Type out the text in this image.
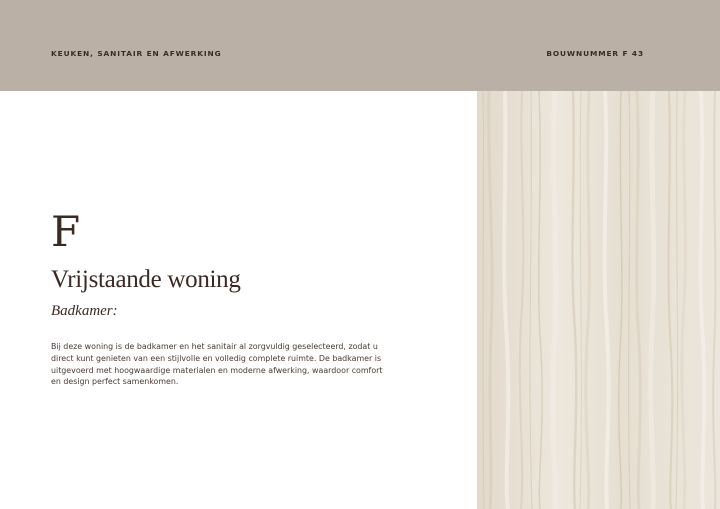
KEUKEN, SANITAIR EN AFWERKING	BOUWNUMMER F 43
F
Vrijstaande woning
Badkamer:

Bij deze woning is de badkamer en het sanitair al zorgvuldig geselecteerd, zodat u direct kunt genieten van een stijlvolle en volledig complete ruimte. De badkamer is uitgevoerd met hoogwaardige materialen en moderne afwerking, waardoor comfort en design perfect samenkomen.
